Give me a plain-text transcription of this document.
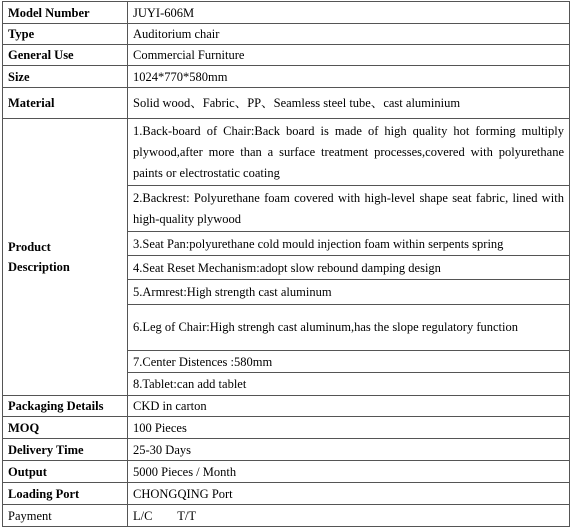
Model Number	JUYI-606M
Type	Auditorium chair
General Use	Commercial Furniture
Size	1024*770*580mm
Material	Solid wood、Fabric、PP、Seamless steel tube、cast aluminium

Product
Description	1.Back-board of Chair:Back board is made of high quality hot forming multiply plywood,after more than a surface treatment processes,covered with polyurethane paints or electrostatic coating
	2.Backrest: Polyurethane foam covered with high-level shape seat fabric, lined with high-quality plywood
	3.Seat Pan:polyurethane cold mould injection foam within serpents spring
	4.Seat Reset Mechanism:adopt slow rebound damping design
	5.Armrest:High strength cast aluminum
	6.Leg of Chair:High strengh cast aluminum,has the slope regulatory function
	7.Center Distences :580mm
	8.Tablet:can add tablet
Packaging Details	CKD in carton
MOQ	100 Pieces
Delivery Time	25-30 Days
Output	5000 Pieces / Month
Loading Port	CHONGQING Port
Payment	L/C        T/T
